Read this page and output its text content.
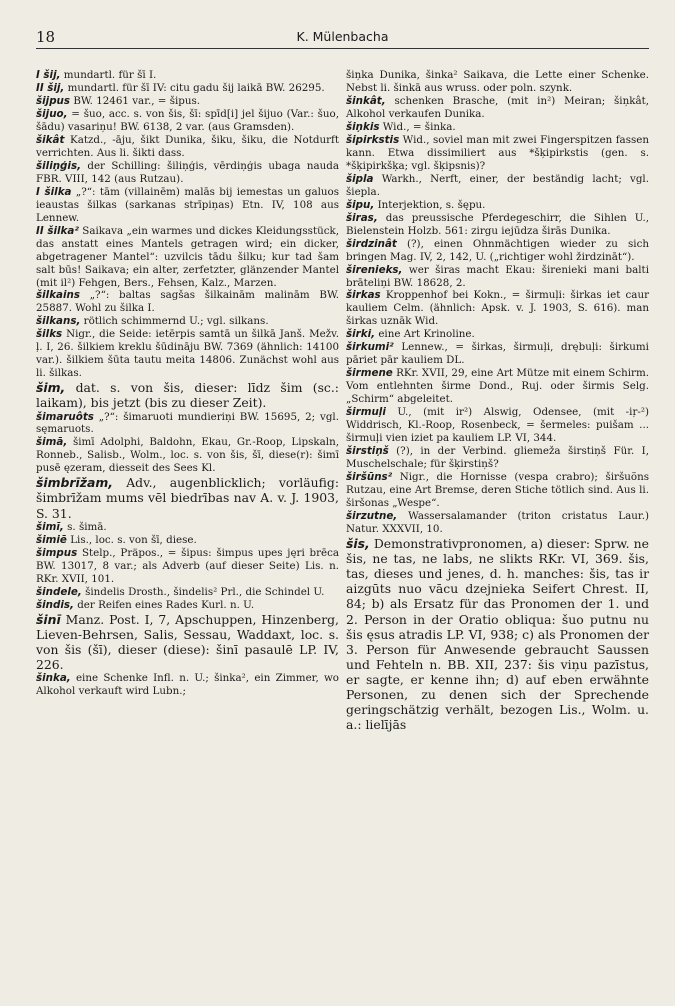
18	K. Mülenbacha

I šij, mundartl. für šī I.

II šij, mundartl. für šī IV: citu gadu šij laikā BW. 26295.

šijpus BW. 12461 var., = šipus.

šijuo, = šuo, acc. s. von šis, šī: spīd[i] jel šijuo (Var.: šuo, šādu) vasariņu! BW. 6138, 2 var. (aus Gramsden).

šikât Katzd., -āju, šikt Dunika, šiku, šiku, die Notdurft verrichten. Aus li. šikti dass.

šiliņģis, der Schilling: šiliņģis, vērdiņģis ubaga nauda FBR. VIII, 142 (aus Rutzau).

I šilka „?“: tām (villainēm) malās bij iemestas un galuos ieaustas šilkas (sarkanas strīpiņas) Etn. IV, 108 aus Lennew.

II šilka² Saikava „ein warmes und dickes Kleidungsstück, das anstatt eines Mantels getragen wird; ein dicker, abgetragener Mantel“: uzvilcis tādu šilku; kur tad šam salt būs! Saikava; ein alter, zerfetzter, glänzender Mantel (mit il²) Fehgen, Bers., Fehsen, Kalz., Marzen.

šilkains „?“: baltas sagšas šilkainām malinām BW. 25887. Wohl zu šilka I.

šilkans, rötlich schimmernd U.; vgl. silkans.

šilks Nigr., die Seide: ietērpis samtā un šilkā Janš. Mežv. ļ. I, 26. šilkiem kreklu šūdināju BW. 7369 (ähnlich: 14100 var.). šilkiem šūta tautu meita 14806. Zunächst wohl aus li. šilkas.

šim, dat. s. von šis, dieser: līdz šim (sc.: laikam), bis jetzt (bis zu dieser Zeit).

šimaruôts „?“: šimaruoti mundieriņi BW. 15695, 2; vgl. sęmaruots.

šimā, šimī Adolphi, Baldohn, Ekau, Gr.-Roop, Lipskaln, Ronneb., Salisb., Wolm., loc. s. von šis, šī, diese(r): šimī pusē ęzeram, diesseit des Sees Kl.

šimbrīžam, Adv., augenblicklich; vorläufig: šimbrīžam mums vēl biedrības nav A. v. J. 1903, S. 31.

šimī, s. šimā.

šimiē Lis., loc. s. von šī, diese.

šimpus Stelp., Präpos., = šipus: šimpus upes jęri brēca BW. 13017, 8 var.; als Adverb (auf dieser Seite) Lis. n. RKr. XVII, 101.

šindele, šindelis Drosth., šindelis² Prl., die Schindel U.

šindis, der Reifen eines Rades Kurl. n. U.

šinī Manz. Post. I, 7, Apschuppen, Hinzenberg, Lieven-Behrsen, Salis, Sessau, Waddaxt, loc. s. von šis (šī), dieser (diese): šinī pasaulē LP. IV, 226.

šinka, eine Schenke Infl. n. U.; šinka², ein Zimmer, wo Alkohol verkauft wird Lubn.;

šiņka Dunika, šinka² Saikava, die Lette einer Schenke. Nebst li. šinkā aus wruss. oder poln. szynk.

šinkât, schenken Brasche, (mit in²) Meiran; šiņkât, Alkohol verkaufen Dunika.

šiņkis Wid., = šinka.

šipirkstis Wid., soviel man mit zwei Fingerspitzen fassen kann. Etwa dissimiliert aus *šķipirkstis (gen. s. *šķipirkšķa; vgl. šķipsnis)?

šipla Warkh., Nerft, einer, der beständig lacht; vgl. šiepla.

šipu, Interjektion, s. šępu.

širas, das preussische Pferdegeschirr, die Sihlen U., Bielenstein Holzb. 561: zirgu iejūdza širās Dunika.

širdzinât (?), einen Ohnmächtigen wieder zu sich bringen Mag. IV, 2, 142, U. („richtiger wohl žirdzināt“).

širenieks, wer širas macht Ekau: širenieki mani balti brāteliņi BW. 18628, 2.

širkas Kroppenhof bei Kokn., = širmuļi: širkas iet caur kauliem Celm. (ähnlich: Apsk. v. J. 1903, S. 616). man širkas uznāk Wid.

širki, eine Art Krinoline.

širkumi² Lennew., = širkas, širmuļi, drębuļi: širkumi pāriet pār kauliem DL.

širmene RKr. XVII, 29, eine Art Mütze mit einem Schirm. Vom entlehnten širme Dond., Ruj. oder širmis Selg. „Schirm“ abgeleitet.

širmuļi U., (mit ir²) Alswig, Odensee, (mit -iŗ-²) Widdrisch, Kl.-Roop, Rosenbeck, = šermeles: puišam ... širmuļi vien iziet pa kauliem LP. VI, 344.

širstiņš (?), in der Verbind. gliemeža širstiņš Für. I, Muschelschale; für šķirstiņš?

širšūns² Nigr., die Hornisse (vespa crabro); širšuõns Rutzau, eine Art Bremse, deren Stiche tötlich sind. Aus li. širšonas „Wespe“.

širzutne, Wassersalamander (triton cristatus Laur.) Natur. XXXVII, 10.

šis, Demonstrativpronomen, a) dieser: Sprw. ne šis, ne tas, ne labs, ne slikts RKr. VI, 369. šis, tas, dieses und jenes, d. h. manches: šis, tas ir aizgūts nuo vācu dzejnieka Seifert Chrest. II, 84; b) als Ersatz für das Pronomen der 1. und 2. Person in der Oratio obliqua: šuo putnu nu šis ęsus atradis LP. VI, 938; c) als Pronomen der 3. Person für Anwesende gebraucht Saussen und Fehteln n. BB. XII, 237: šis viņu pazīstus, er sagte, er kenne ihn; d) auf eben erwähnte Personen, zu denen sich der Sprechende geringschätzig verhält, bezogen Lis., Wolm. u. a.: lielījās
